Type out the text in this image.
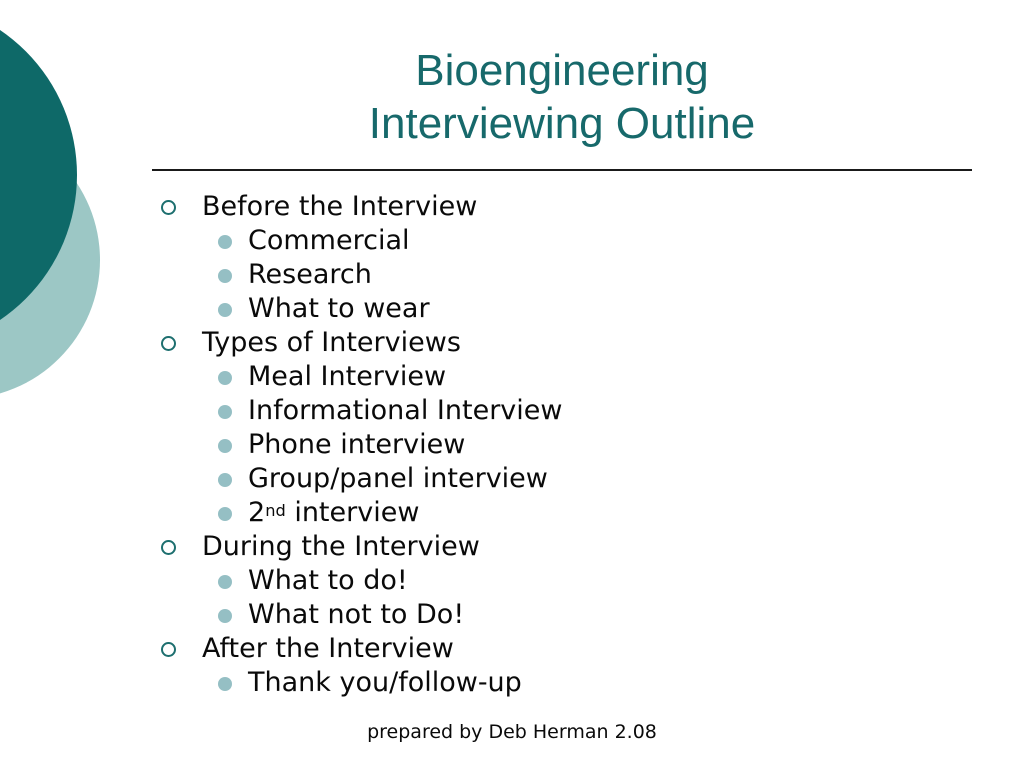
Bioengineering
Interviewing Outline
Before the Interview
Commercial
Research
What to wear
Types of Interviews
Meal Interview
Informational Interview
Phone interview
Group/panel interview
2nd interview
During the Interview
What to do!
What not to Do!
After the Interview
Thank you/follow-up
prepared by Deb Herman 2.08
